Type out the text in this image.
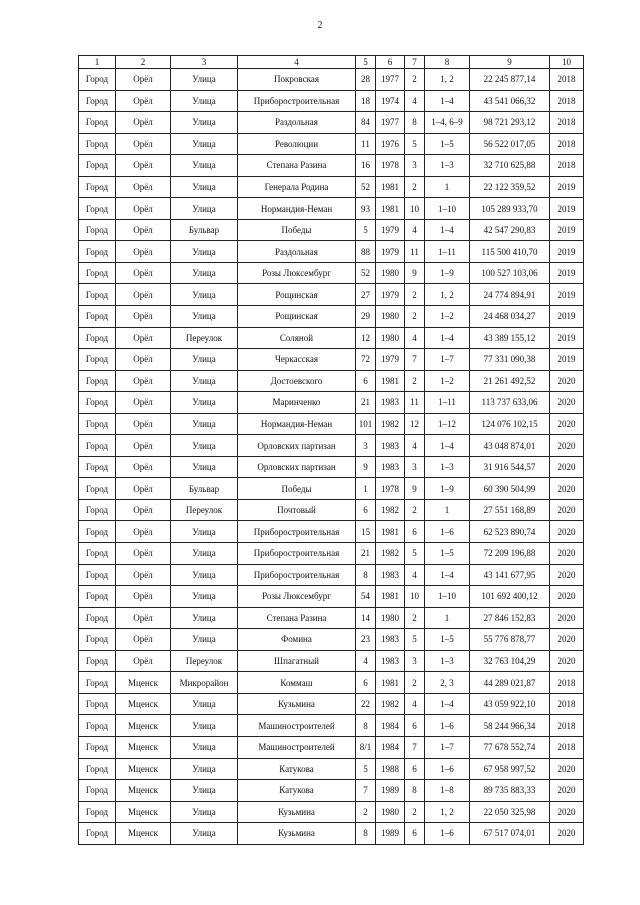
2
1	2	3	4	5	6	7	8	9	10
Город	Орёл	Улица	Покровская	28	1977	2	1, 2	22 245 877,14	2018
Город	Орёл	Улица	Приборостроительная	18	1974	4	1–4	43 541 066,32	2018
Город	Орёл	Улица	Раздольная	84	1977	8	1–4, 6–9	98 721 293,12	2018
Город	Орёл	Улица	Революции	11	1976	5	1–5	56 522 017,05	2018
Город	Орёл	Улица	Степана Разина	16	1978	3	1–3	32 710 625,88	2018
Город	Орёл	Улица	Генерала Родина	52	1981	2	1	22 122 359,52	2019
Город	Орёл	Улица	Нормандия-Неман	93	1981	10	1–10	105 289 933,70	2019
Город	Орёл	Бульвар	Победы	5	1979	4	1–4	42 547 290,83	2019
Город	Орёл	Улица	Раздольная	88	1979	11	1–11	115 500 410,70	2019
Город	Орёл	Улица	Розы Люксембург	52	1980	9	1–9	100 527 103,06	2019
Город	Орёл	Улица	Рощинская	27	1979	2	1, 2	24 774 894,91	2019
Город	Орёл	Улица	Рощинская	29	1980	2	1–2	24 468 034,27	2019
Город	Орёл	Переулок	Соляной	12	1980	4	1–4	43 389 155,12	2019
Город	Орёл	Улица	Черкасская	72	1979	7	1–7	77 331 090,38	2019
Город	Орёл	Улица	Достоевского	6	1981	2	1–2	21 261 492,52	2020
Город	Орёл	Улица	Маринченко	21	1983	11	1–11	113 737 633,06	2020
Город	Орёл	Улица	Нормандия-Неман	101	1982	12	1–12	124 076 102,15	2020
Город	Орёл	Улица	Орловских партизан	3	1983	4	1–4	43 048 874,01	2020
Город	Орёл	Улица	Орловских партизан	9	1983	3	1–3	31 916 544,57	2020
Город	Орёл	Бульвар	Победы	1	1978	9	1–9	60 390 504,99	2020
Город	Орёл	Переулок	Почтовый	6	1982	2	1	27 551 168,89	2020
Город	Орёл	Улица	Приборостроительная	15	1981	6	1–6	62 523 890,74	2020
Город	Орёл	Улица	Приборостроительная	21	1982	5	1–5	72 209 196,88	2020
Город	Орёл	Улица	Приборостроительная	8	1983	4	1–4	43 141 677,95	2020
Город	Орёл	Улица	Розы Люксембург	54	1981	10	1–10	101 692 400,12	2020
Город	Орёл	Улица	Степана Разина	14	1980	2	1	27 846 152,83	2020
Город	Орёл	Улица	Фомина	23	1983	5	1–5	55 776 878,77	2020
Город	Орёл	Переулок	Шпагатный	4	1983	3	1–3	32 763 104,29	2020
Город	Мценск	Микрорайон	Коммаш	6	1981	2	2, 3	44 289 021,87	2018
Город	Мценск	Улица	Кузьмина	22	1982	4	1–4	43 059 922,10	2018
Город	Мценск	Улица	Машиностроителей	8	1984	6	1–6	58 244 966,34	2018
Город	Мценск	Улица	Машиностроителей	8/1	1984	7	1–7	77 678 552,74	2018
Город	Мценск	Улица	Катукова	5	1988	6	1–6	67 958 997,52	2020
Город	Мценск	Улица	Катукова	7	1989	8	1–8	89 735 883,33	2020
Город	Мценск	Улица	Кузьмина	2	1980	2	1, 2	22 050 325,98	2020
Город	Мценск	Улица	Кузьмина	8	1989	6	1–6	67 517 074,01	2020
